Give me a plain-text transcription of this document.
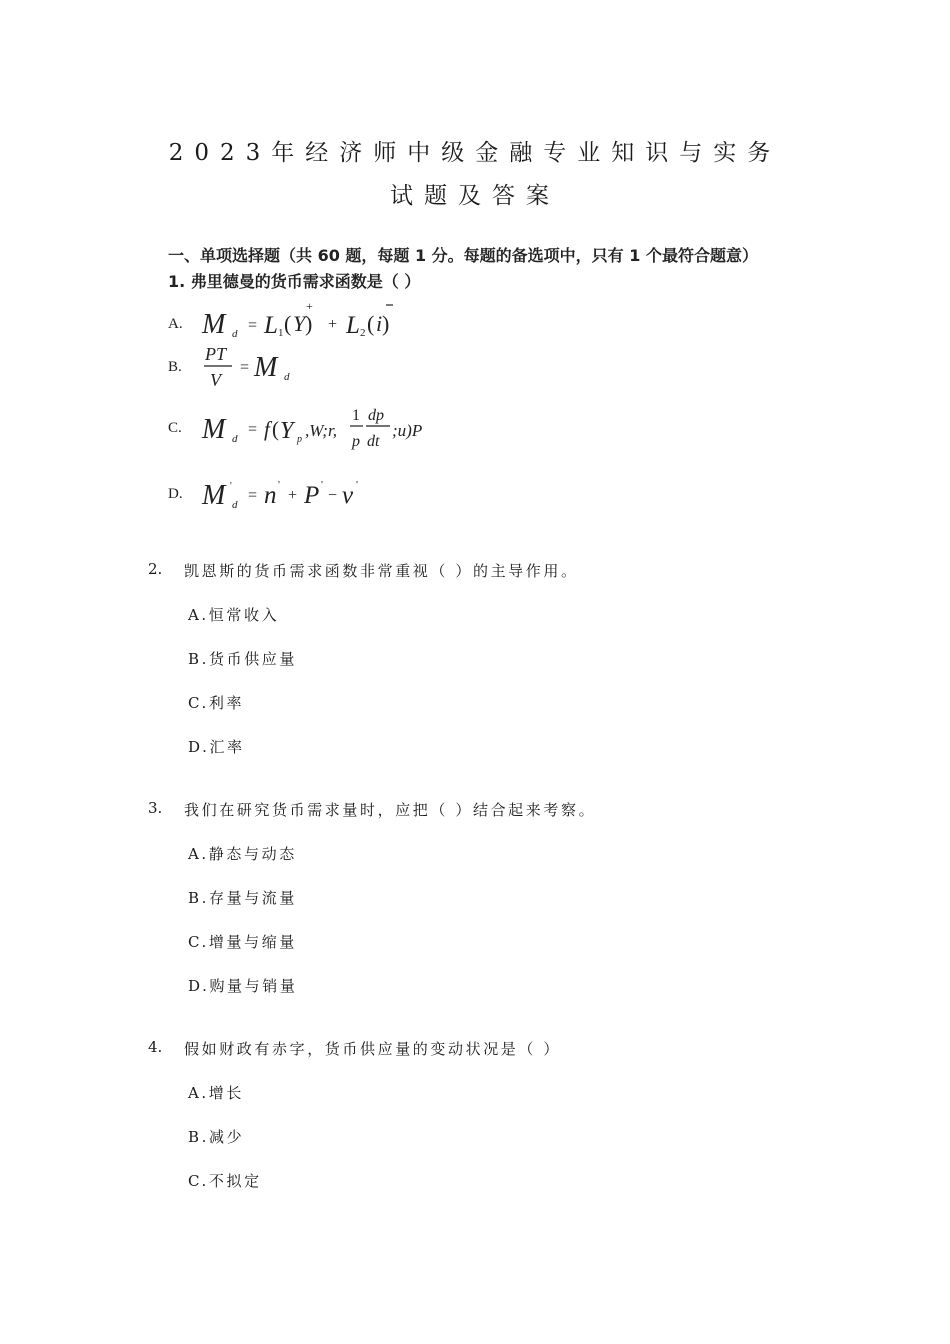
2023年经济师中级金融专业知识与实务
试题及答案
一、单项选择题（共 60 题，每题 1 分。每题的备选项中，只有 1 个最符合题意）
1. 弗里德曼的货币需求函数是（ ）
A. M d = L 1 ( Y )
+
+ L 2 ( i )
B.
PT
V
= M d
C. M d
= f ( Y p ,W;r,
1
p
dp
dt
;u)P
D. M '
d
= n '
+ P '
− v '
2. 凯恩斯的货币需求函数非常重视（ ）的主导作用。
A.恒常收入
B.货币供应量
C.利率
D.汇率
3. 我们在研究货币需求量时，应把（ ）结合起来考察。
A.静态与动态
B.存量与流量
C.增量与缩量
D.购量与销量
4. 假如财政有赤字，货币供应量的变动状况是（ ）
A.增长
B.减少
C.不拟定
